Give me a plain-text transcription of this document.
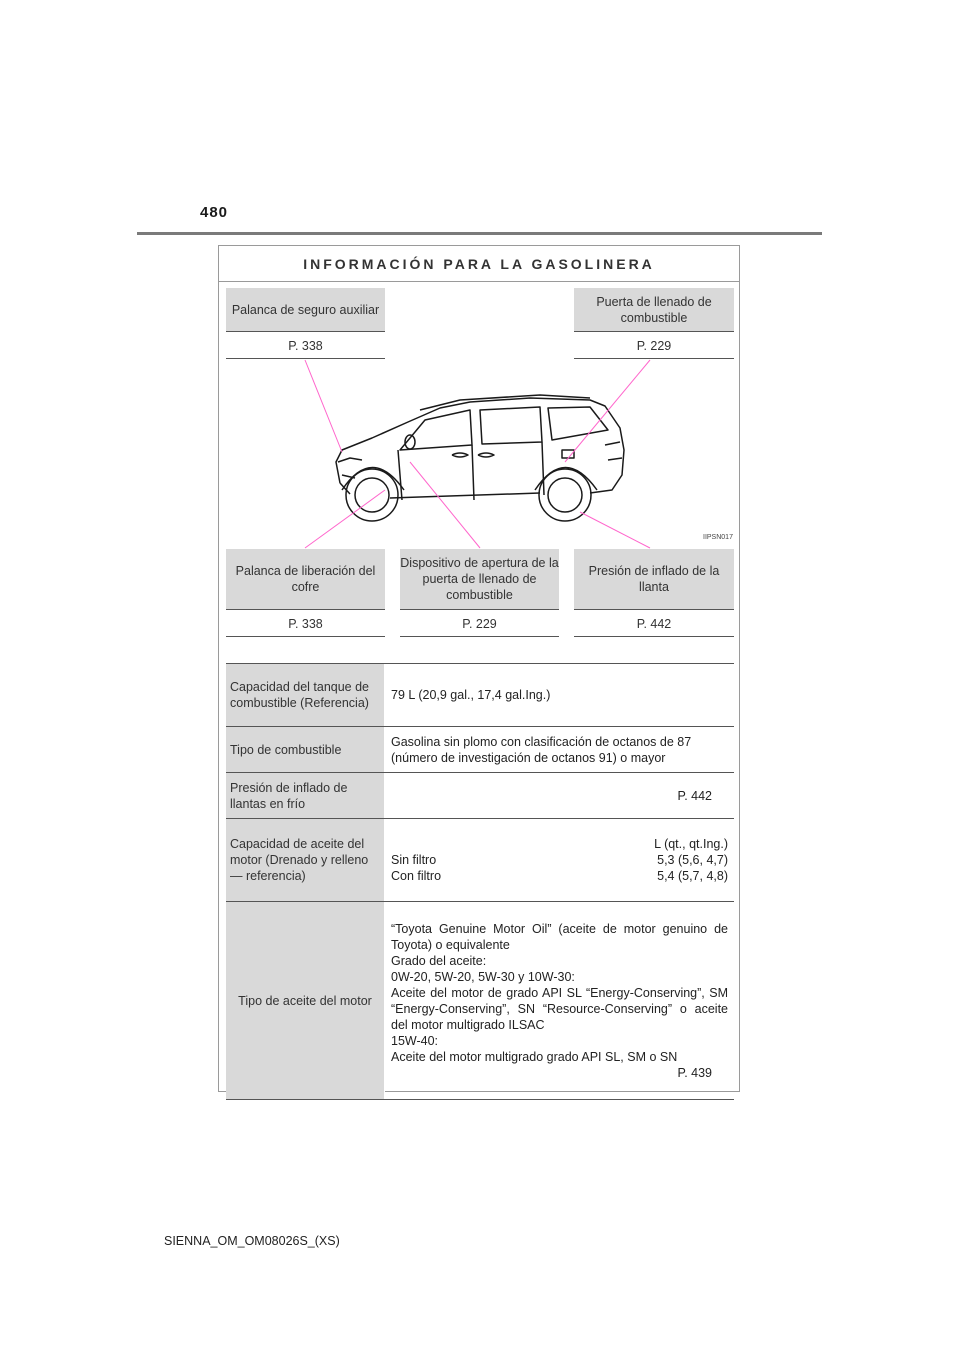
480
INFORMACIÓN PARA LA GASOLINERA
Palanca de seguro auxiliar
P. 338
Puerta de llenado de combustible
P. 229
IIPSN017
Palanca de liberación del cofre
P. 338
Dispositivo de apertura de la puerta de llenado de combustible
P. 229
Presión de inflado de la llanta
P. 442
Capacidad del tanque de combustible (Referencia)
79 L (20,9 gal., 17,4 gal.Ing.)
Tipo de combustible
Gasolina sin plomo con clasificación de octanos de 87 (número de investigación de octanos 91) o mayor
Presión de inflado de llantas en frío
P. 442
Capacidad de aceite del motor (Drenado y relleno — referencia)
L (qt., qt.Ing.)
Sin filtro	5,3 (5,6, 4,7)
Con filtro	5,4 (5,7, 4,8)
Tipo de aceite del motor
“Toyota Genuine Motor Oil” (aceite de motor genuino de Toyota) o equivalente
Grado del aceite:
0W-20, 5W-20, 5W-30 y 10W-30:
Aceite del motor de grado API SL “Energy-Conserving”, SM “Energy-Conserving”, SN “Resource-Conserving” o aceite del motor multigrado ILSAC
15W-40:
Aceite del motor multigrado grado API SL, SM o SN
P. 439
SIENNA_OM_OM08026S_(XS)
